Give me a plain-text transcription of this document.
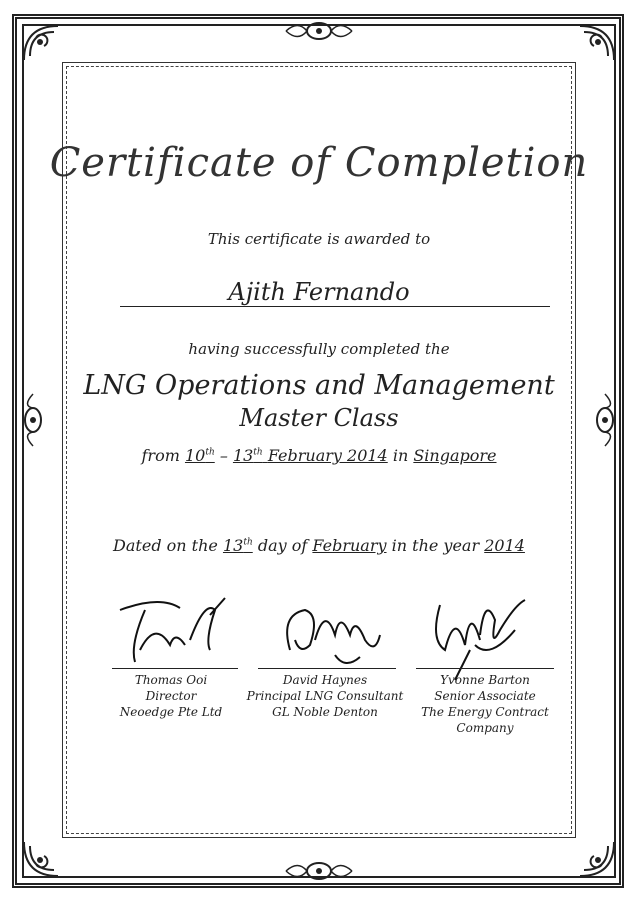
Certificate of Completion
This certificate is awarded to
Ajith Fernando
having successfully completed the
LNG Operations and Management
Master Class
from 10th – 13th February 2014 in Singapore
Dated on the 13th day of February in the year 2014
Thomas Ooi
Director
Neoedge Pte Ltd
David Haynes
Principal LNG Consultant
GL Noble Denton
Yvonne Barton
Senior Associate
The Energy Contract
Company
